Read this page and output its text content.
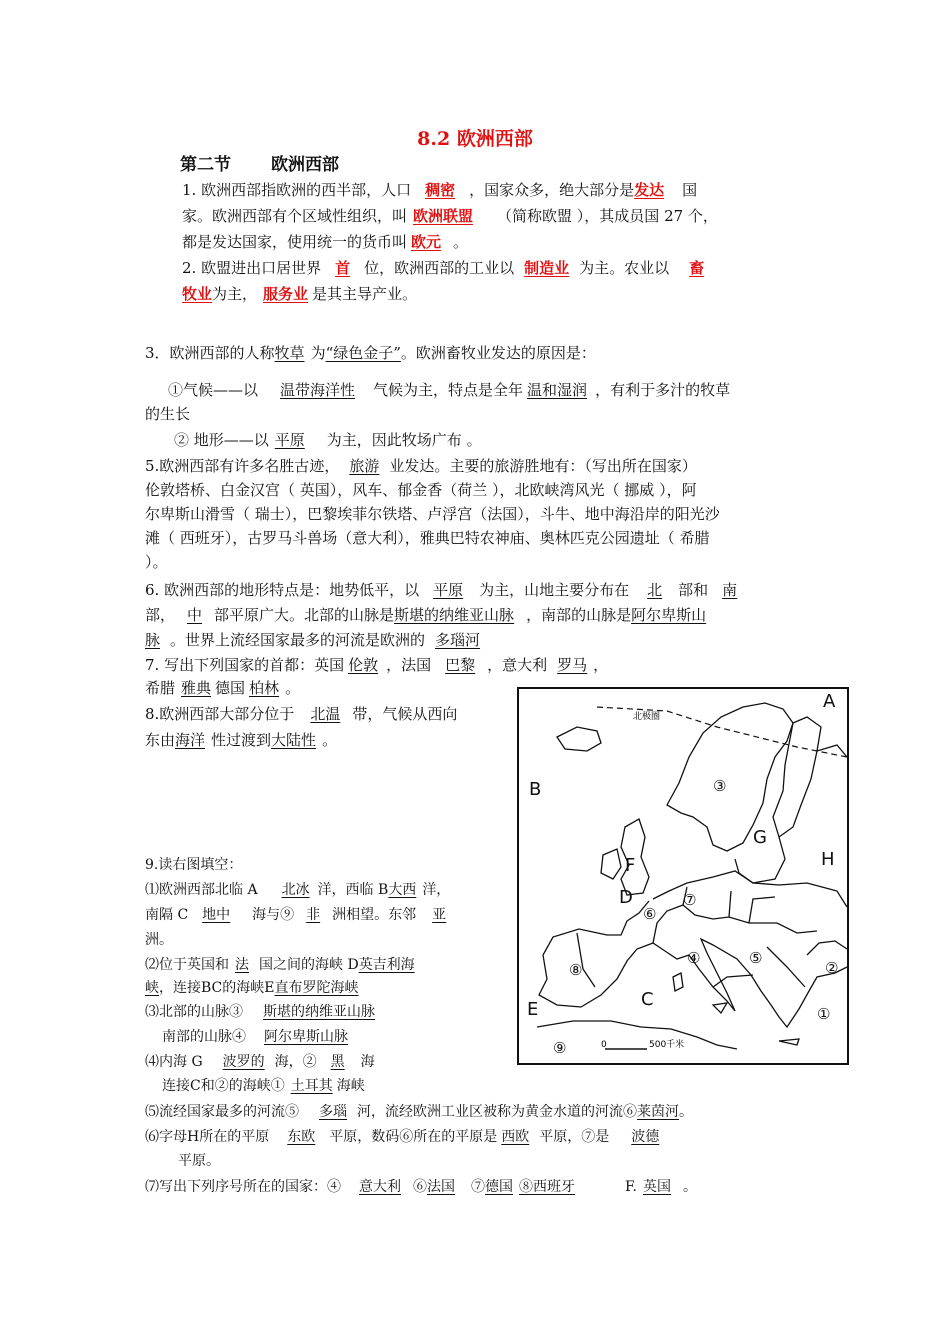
8.2 欧洲西部
第二节 欧洲西部
1. 欧洲西部指欧洲的西半部，人口 稠密 ，国家众多，绝大部分是发达 国
家。欧洲西部有个区域性组织，叫 欧洲联盟 （简称欧盟 ），其成员国 27 个，
都是发达国家，使用统一的货币叫 欧元 。
2. 欧盟进出口居世界 首 位，欧洲西部的工业以 制造业 为主。农业以 畜
牧业为主， 服务业 是其主导产业。
3．欧洲西部的人称牧草 为“绿色金子”。欧洲畜牧业发达的原因是：
①气候——以 温带海洋性 气候为主，特点是全年 温和湿润 ，有利于多汁的牧草
的生长
② 地形——以 平原 为主，因此牧场广布 。
5.欧洲西部有许多名胜古迹， 旅游 业发达。主要的旅游胜地有：（写出所在国家）
伦敦塔桥、白金汉宫（ 英国），风车、郁金香（荷兰 ），北欧峡湾风光（ 挪威 ），阿
尔卑斯山滑雪（ 瑞士），巴黎埃菲尔铁塔、卢浮宫（法国），斗牛、地中海沿岸的阳光沙
滩（ 西班牙），古罗马斗兽场（意大利），雅典巴特农神庙、奥林匹克公园遗址（ 希腊
）。
6. 欧洲西部的地形特点是：地势低平，以 平原 为主，山地主要分布在 北 部和 南
部， 中 部平原广大。北部的山脉是斯堪的纳维亚山脉 ，南部的山脉是阿尔卑斯山
脉 。世界上流经国家最多的河流是欧洲的 多瑙河
7. 写出下列国家的首都：英国 伦敦 ，法国 巴黎 ，意大利 罗马 ，
希腊 雅典 德国 柏林 。
8.欧洲西部大部分位于 北温 带，气候从西向
东由海洋 性过渡到大陆性 。
9.读右图填空：
⑴欧洲西部北临 A 北冰 洋，西临 B大西 洋，
南隔 C 地中 海与⑨ 非 洲相望。东邻 亚
洲。
⑵位于英国和 法 国之间的海峡 D英吉利海
峡，连接BC的海峡E直布罗陀海峡
⑶北部的山脉③ 斯堪的纳维亚山脉
南部的山脉④ 阿尔卑斯山脉
⑷内海 G 波罗的 海，② 黑 海
连接C和②的海峡① 土耳其 海峡
⑸流经国家最多的河流⑤ 多瑙 河，流经欧洲工业区被称为黄金水道的河流⑥莱茵河。
⑹字母H所在的平原 东欧 平原，数码⑥所在的平原是 西欧 平原，⑦是 波德
平原。
⑺写出下列序号所在的国家：④ 意大利 ⑥法国 ⑦德国 ⑧西班牙	F. 英国 。
北极圈
A
B
H
G
F
D
C
E	①
②
③
④	⑤
⑥
⑦
⑧
⑨	0	500千米
